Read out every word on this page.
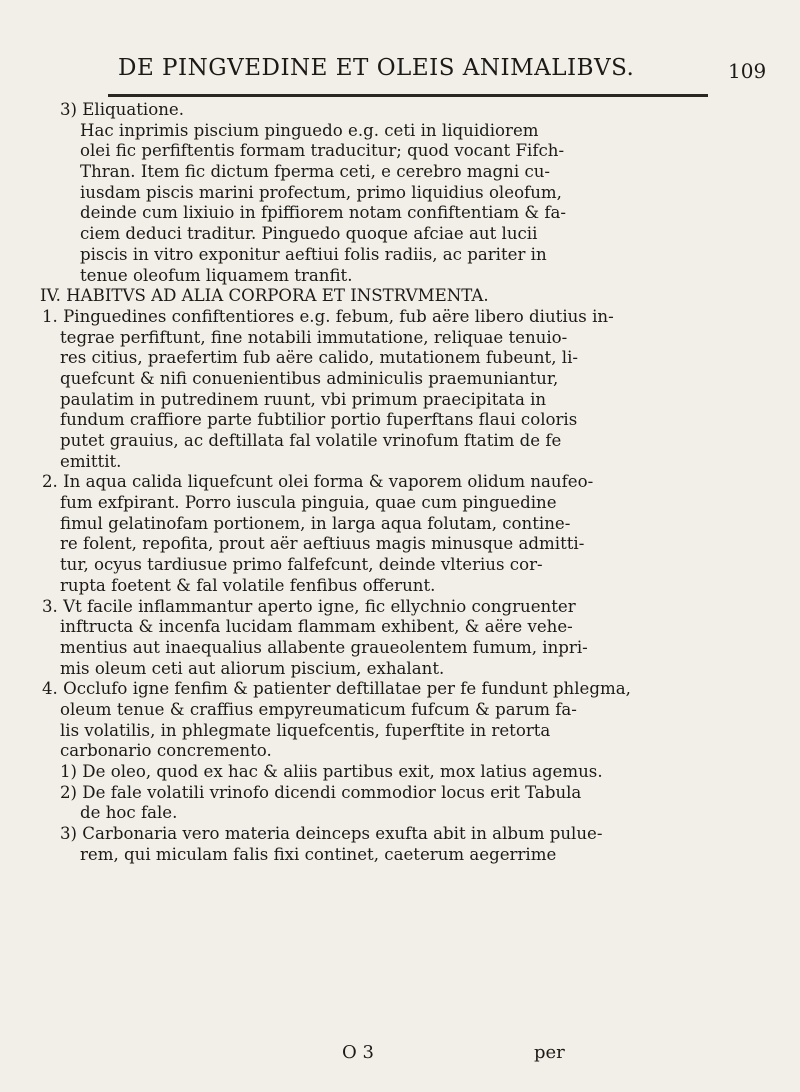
DE PINGVEDINE ET OLEIS ANIMALIBVS.	109
3) Eliquatione.
Hac inprimis piscium pinguedo e.g. ceti in liquidiorem
olei fic perfiftentis formam traducitur; quod vocant Fifch-
Thran. Item fic dictum fperma ceti, e cerebro magni cu-
iusdam piscis marini profectum, primo liquidius oleofum,
deinde cum lixiuio in fpiffiorem notam confiftentiam & fa-
ciem deduci traditur. Pinguedo quoque afciae aut lucii
piscis in vitro exponitur aeftiui folis radiis, ac pariter in
tenue oleofum liquamem tranfit.
IV. HABITVS AD ALIA CORPORA ET INSTRVMENTA.
1. Pinguedines confiftentiores e.g. febum, fub aëre libero diutius in-
tegrae perfiftunt, fine notabili immutatione, reliquae tenuio-
res citius, praefertim fub aëre calido, mutationem fubeunt, li-
quefcunt & nifi conuenientibus adminiculis praemuniantur,
paulatim in putredinem ruunt, vbi primum praecipitata in
fundum craffiore parte fubtilior portio fuperftans flaui coloris
putet grauius, ac deftillata fal volatile vrinofum ftatim de fe
emittit.
2. In aqua calida liquefcunt olei forma & vaporem olidum naufeo-
fum exfpirant. Porro iuscula pinguia, quae cum pinguedine
fimul gelatinofam portionem, in larga aqua folutam, contine-
re folent, repofita, prout aër aeftiuus magis minusque admitti-
tur, ocyus tardiusue primo falfefcunt, deinde vlterius cor-
rupta foetent & fal volatile fenfibus offerunt.
3. Vt facile inflammantur aperto igne, fic ellychnio congruenter
inftructa & incenfa lucidam flammam exhibent, & aëre vehe-
mentius aut inaequalius allabente graueolentem fumum, inpri-
mis oleum ceti aut aliorum piscium, exhalant.
4. Occlufo igne fenfim & patienter deftillatae per fe fundunt phlegma,
oleum tenue & craffius empyreumaticum fufcum & parum fa-
lis volatilis, in phlegmate liquefcentis, fuperftite in retorta
carbonario concremento.
1) De oleo, quod ex hac & aliis partibus exit, mox latius agemus.
2) De fale volatili vrinofo dicendi commodior locus erit Tabula
de hoc fale.
3) Carbonaria vero materia deinceps exufta abit in album pulue-
rem, qui miculam falis fixi continet, caeterum aegerrime
O 3	per
